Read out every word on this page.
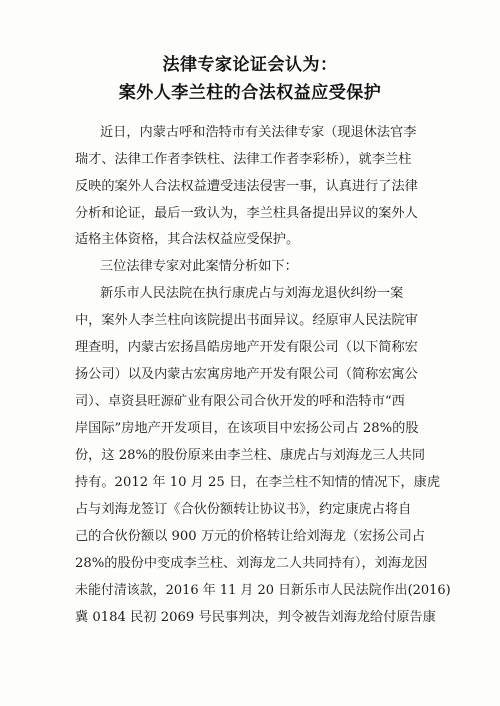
法律专家论证会认为：
案外人李兰柱的合法权益应受保护
近日，内蒙古呼和浩特市有关法律专家（现退休法官李
瑞才、法律工作者李铁柱、法律工作者李彩桥），就李兰柱
反映的案外人合法权益遭受违法侵害一事，认真进行了法律
分析和论证，最后一致认为，李兰柱具备提出异议的案外人
适格主体资格，其合法权益应受保护。
三位法律专家对此案情分析如下：
新乐市人民法院在执行康虎占与刘海龙退伙纠纷一案
中，案外人李兰柱向该院提出书面异议。经原审人民法院审
理查明，内蒙古宏扬昌皓房地产开发有限公司（以下简称宏
扬公司）以及内蒙古宏寓房地产开发有限公司（简称宏寓公
司）、卓资县旺源矿业有限公司合伙开发的呼和浩特市“西
岸国际”房地产开发项目，在该项目中宏扬公司占 28%的股
份，这 28%的股份原来由李兰柱、康虎占与刘海龙三人共同
持有。2012 年 10 月 25 日，在李兰柱不知情的情况下，康虎
占与刘海龙签订《合伙份额转让协议书》，约定康虎占将自
己的合伙份额以 900 万元的价格转让给刘海龙（宏扬公司占
28%的股份中变成李兰柱、刘海龙二人共同持有），刘海龙因
未能付清该款，2016 年 11 月 20 日新乐市人民法院作出(2016)
冀 0184 民初 2069 号民事判决，判令被告刘海龙给付原告康
